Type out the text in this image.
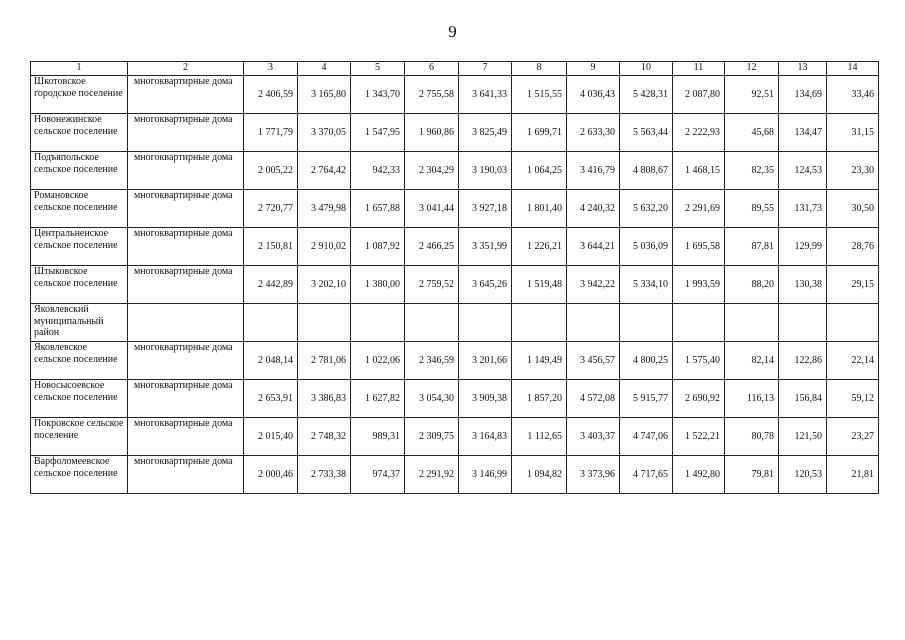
9
1	2	3	4	5	6	7	8	9	10	11	12	13	14
Шкотовское городское поселение	многоквартирные дома	2 406,59	3 165,80	1 343,70	2 755,58	3 641,33	1 515,55	4 036,43	5 428,31	2 087,80	92,51	134,69	33,46
Новонежинское сельское поселение	многоквартирные дома	1 771,79	3 370,05	1 547,95	1 960,86	3 825,49	1 699,71	2 633,30	5 563,44	2 222,93	45,68	134,47	31,15
Подъяпольское сельское поселение	многоквартирные дома	2 005,22	2 764,42	942,33	2 304,29	3 190,03	1 064,25	3 416,79	4 808,67	1 468,15	82,35	124,53	23,30
Романовское сельское поселение	многоквартирные дома	2 720,77	3 479,98	1 657,88	3 041,44	3 927,18	1 801,40	4 240,32	5 632,20	2 291,69	89,55	131,73	30,50
Центральненское сельское поселение	многоквартирные дома	2 150,81	2 910,02	1 087,92	2 466,25	3 351,99	1 226,21	3 644,21	5 036,09	1 695,58	87,81	129,99	28,76
Штыковское сельское поселение	многоквартирные дома	2 442,89	3 202,10	1 380,00	2 759,52	3 645,26	1 519,48	3 942,22	5 334,10	1 993,59	88,20	130,38	29,15
Яковлевский муниципальный район													
Яковлевское сельское поселение	многоквартирные дома	2 048,14	2 781,06	1 022,06	2 346,59	3 201,66	1 149,49	3 456,57	4 800,25	1 575,40	82,14	122,86	22,14
Новосысоевское сельское поселение	многоквартирные дома	2 653,91	3 386,83	1 627,82	3 054,30	3 909,38	1 857,20	4 572,08	5 915,77	2 690,92	116,13	156,84	59,12
Покровское сельское поселение	многоквартирные дома	2 015,40	2 748,32	989,31	2 309,75	3 164,83	1 112,65	3 403,37	4 747,06	1 522,21	80,78	121,50	23,27
Варфоломеевское сельское поселение	многоквартирные дома	2 000,46	2 733,38	974,37	2 291,92	3 146,99	1 094,82	3 373,96	4 717,65	1 492,80	79,81	120,53	21,81
